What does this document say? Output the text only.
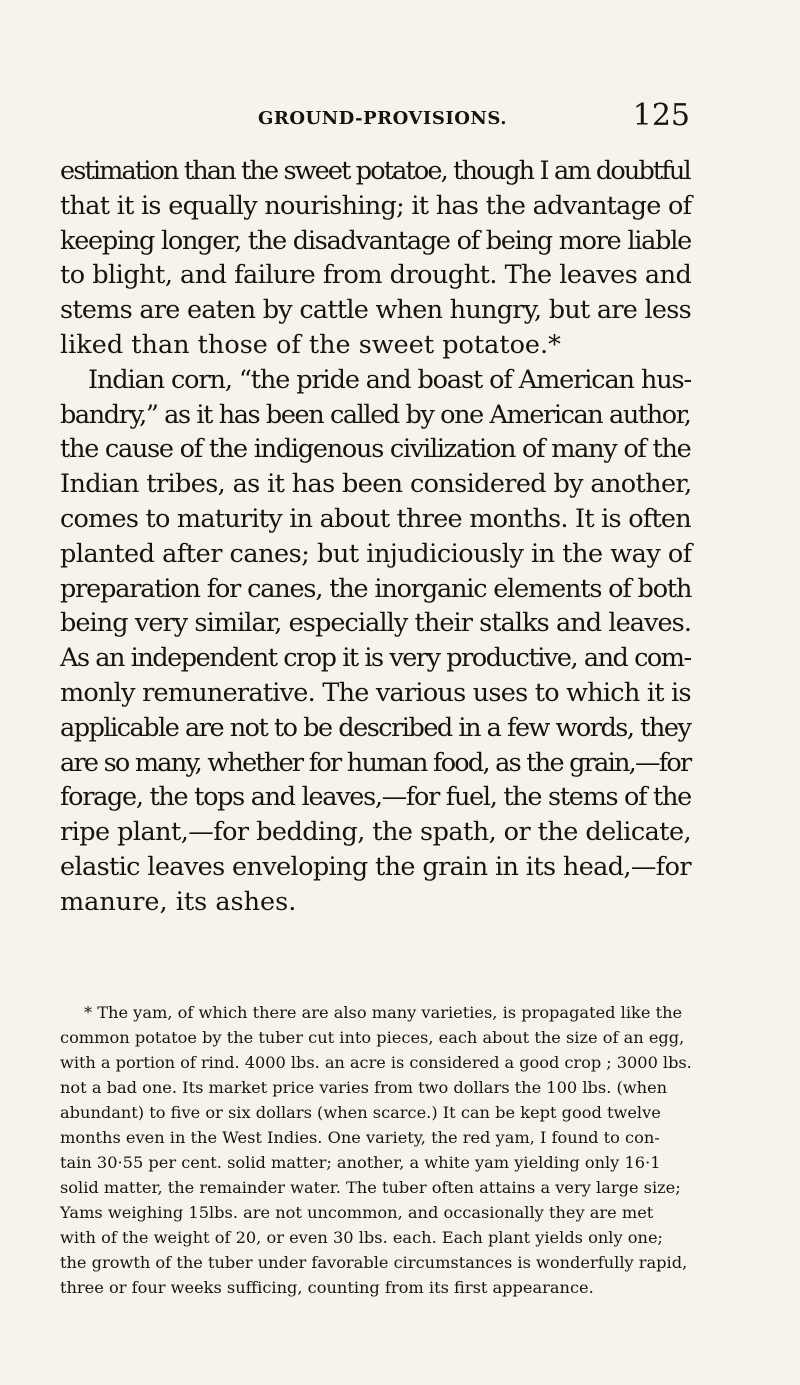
GROUND-PROVISIONS.	125
estimation than the sweet potatoe, though I am doubtful
that it is equally nourishing; it has the advantage of
keeping longer, the disadvantage of being more liable
to blight, and failure from drought. The leaves and
stems are eaten by cattle when hungry, but are less
liked than those of the sweet potatoe.*
Indian corn, “the pride and boast of American hus-
bandry,” as it has been called by one American author,
the cause of the indigenous civilization of many of the
Indian tribes, as it has been considered by another,
comes to maturity in about three months. It is often
planted after canes; but injudiciously in the way of
preparation for canes, the inorganic elements of both
being very similar, especially their stalks and leaves.
As an independent crop it is very productive, and com-
monly remunerative. The various uses to which it is
applicable are not to be described in a few words, they
are so many, whether for human food, as the grain,—for
forage, the tops and leaves,—for fuel, the stems of the
ripe plant,—for bedding, the spath, or the delicate,
elastic leaves enveloping the grain in its head,—for
manure, its ashes.
* The yam, of which there are also many varieties, is propagated like the
common potatoe by the tuber cut into pieces, each about the size of an egg,
with a portion of rind. 4000 lbs. an acre is considered a good crop ; 3000 lbs.
not a bad one. Its market price varies from two dollars the 100 lbs. (when
abundant) to five or six dollars (when scarce.) It can be kept good twelve
months even in the West Indies. One variety, the red yam, I found to con-
tain 30·55 per cent. solid matter; another, a white yam yielding only 16·1
solid matter, the remainder water. The tuber often attains a very large size;
Yams weighing 15lbs. are not uncommon, and occasionally they are met
with of the weight of 20, or even 30 lbs. each. Each plant yields only one;
the growth of the tuber under favorable circumstances is wonderfully rapid,
three or four weeks sufficing, counting from its first appearance.
